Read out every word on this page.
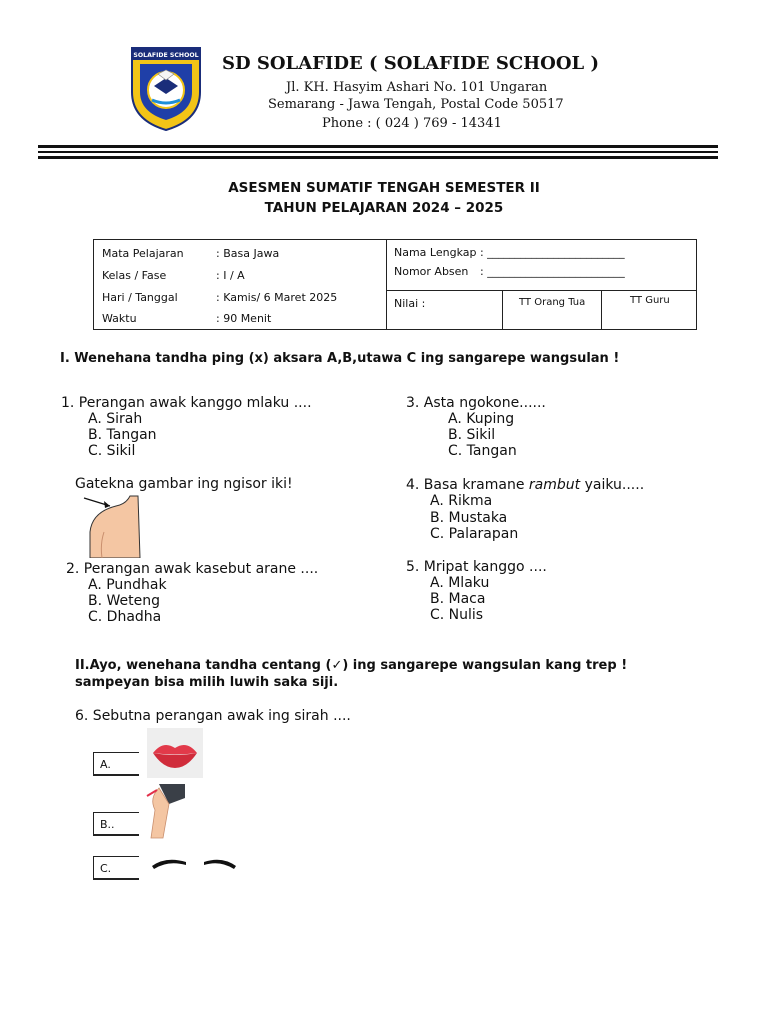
SOLAFIDE SCHOOL SD SOLAFIDE ( SOLAFIDE SCHOOL )
Jl. KH. Hasyim Ashari No. 101 Ungaran
Semarang - Jawa Tengah, Postal Code 50517
Phone : ( 024 ) 769 - 14341
ASESMEN SUMATIF TENGAH SEMESTER II
TAHUN PELAJARAN 2024 – 2025
Mata Pelajaran	: Basa Jawa
Kelas / Fase	: I / A
Hari / Tanggal	: Kamis/ 6 Maret 2025
Waktu	: 90 Menit
Nama Lengkap : _________________________
Nomor Absen : _________________________
Nilai :	TT Orang Tua	TT Guru
I. Wenehana tandha ping (x) aksara A,B,utawa C ing sangarepe wangsulan !
1. Perangan awak kanggo mlaku ....
A. Sirah
B. Tangan
C. Sikil
Gatekna gambar ing ngisor iki!
2. Perangan awak kasebut arane ....
A. Pundhak
B. Weteng
C. Dhadha
3. Asta ngokone......
A. Kuping
B. Sikil
C. Tangan
4. Basa kramane rambut yaiku.....
A. Rikma
B. Mustaka
C. Palarapan
5. Mripat kanggo ....
A. Mlaku
B. Maca
C. Nulis
II.Ayo, wenehana tandha centang (✓) ing sangarepe wangsulan kang trep !
sampeyan bisa milih luwih saka siji.
6. Sebutna perangan awak ing sirah ....
A.
B..
C.
